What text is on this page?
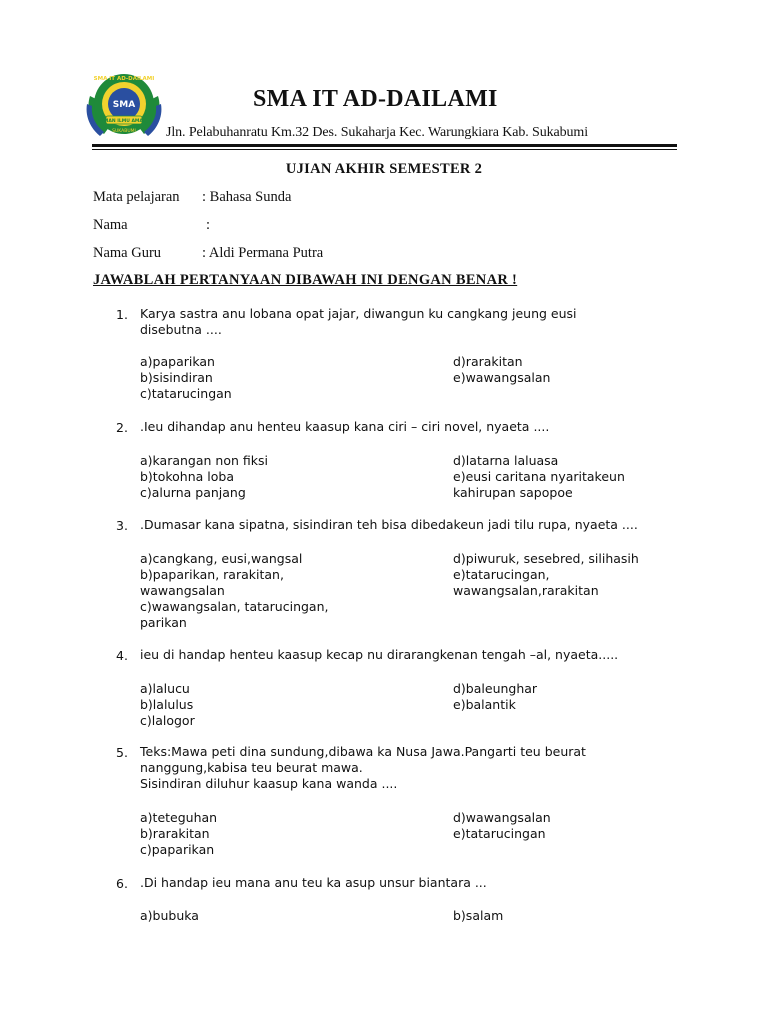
SMA IT AD-DAILAMI
SMA
IMAN ILMU AMAL
SUKABUMI
SMA IT AD-DAILAMI
Jln. Pelabuhanratu Km.32 Des. Sukaharja Kec. Warungkiara Kab. Sukabumi
UJIAN AKHIR SEMESTER 2
Mata pelajaran : Bahasa Sunda
Nama	:
Nama Guru	: Aldi Permana Putra
JAWABLAH PERTANYAAN DIBAWAH INI DENGAN BENAR !
1. Karya sastra anu lobana opat jajar, diwangun ku cangkang jeung eusi
disebutna ....
a)paparikan
b)sisindiran
c)tatarucingan
d)rarakitan
e)wawangsalan
2. .Ieu dihandap anu henteu kaasup kana ciri – ciri novel, nyaeta ....
a)karangan non fiksi
b)tokohna loba
c)alurna panjang
d)latarna laluasa
e)eusi caritana nyaritakeun
kahirupan sapopoe
3. .Dumasar kana sipatna, sisindiran teh bisa dibedakeun jadi tilu rupa, nyaeta ....
a)cangkang, eusi,wangsal
b)paparikan, rarakitan,
wawangsalan
c)wawangsalan, tatarucingan,
parikan
d)piwuruk, sesebred, silihasih
e)tatarucingan,
wawangsalan,rarakitan
4. ieu di handap henteu kaasup kecap nu dirarangkenan tengah –al, nyaeta.....
a)lalucu
b)lalulus
c)lalogor
d)baleunghar
e)balantik
5. Teks:Mawa peti dina sundung,dibawa ka Nusa Jawa.Pangarti teu beurat
nanggung,kabisa teu beurat mawa.
Sisindiran diluhur kaasup kana wanda ....
a)teteguhan
b)rarakitan
c)paparikan
d)wawangsalan
e)tatarucingan
6. .Di handap ieu mana anu teu ka asup unsur biantara ...
a)bubuka	b)salam
